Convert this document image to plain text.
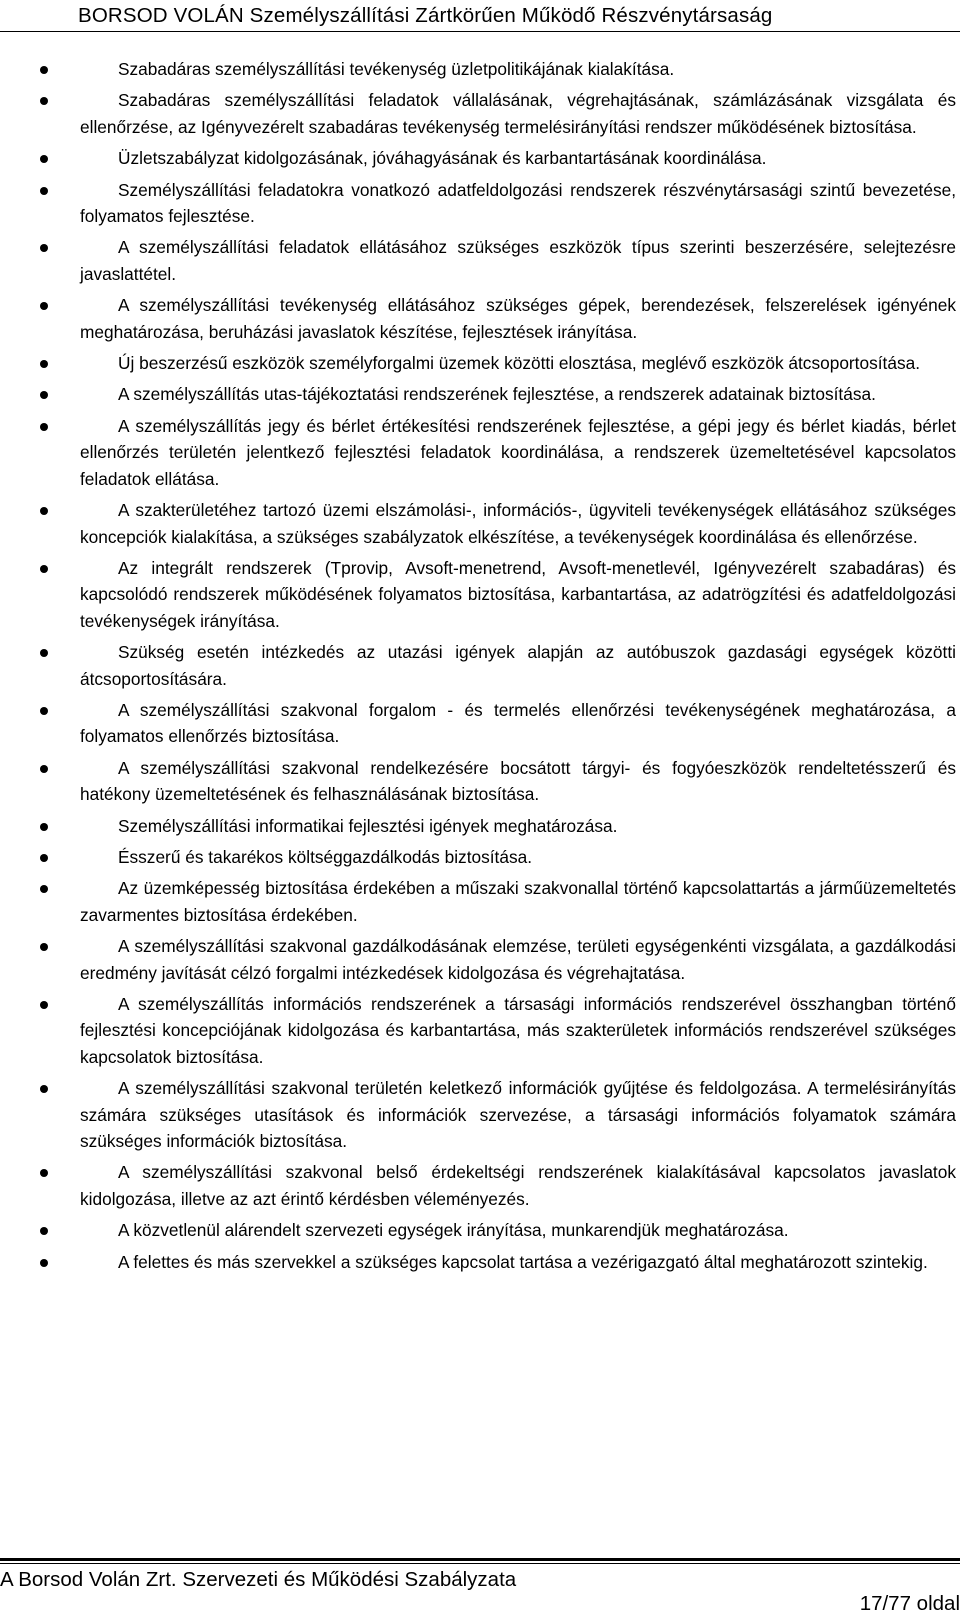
BORSOD VOLÁN Személyszállítási Zártkörűen Működő Részvénytársaság
Szabadáras személyszállítási tevékenység üzletpolitikájának kialakítása.
Szabadáras személyszállítási feladatok vállalásának, végrehajtásának, számlázásának vizsgálata és ellenőrzése, az Igényvezérelt szabadáras tevékenység termelésirányítási rendszer működésének biztosítása.
Üzletszabályzat kidolgozásának, jóváhagyásának és karbantartásának koordinálása.
Személyszállítási feladatokra vonatkozó adatfeldolgozási rendszerek részvénytársasági szintű bevezetése, folyamatos fejlesztése.
A személyszállítási feladatok ellátásához szükséges eszközök típus szerinti beszerzésére, selejtezésre javaslattétel.
A személyszállítási tevékenység ellátásához szükséges gépek, berendezések, felszerelések igényének meghatározása, beruházási javaslatok készítése, fejlesztések irányítása.
Új beszerzésű eszközök személyforgalmi üzemek közötti elosztása, meglévő eszközök átcsoportosítása.
A személyszállítás utas-tájékoztatási rendszerének fejlesztése, a rendszerek adatainak biztosítása.
A személyszállítás jegy és bérlet értékesítési rendszerének fejlesztése, a gépi jegy és bérlet kiadás, bérlet ellenőrzés területén jelentkező fejlesztési feladatok koordinálása, a rendszerek üzemeltetésével kapcsolatos feladatok ellátása.
A szakterületéhez tartozó üzemi elszámolási-, információs-, ügyviteli tevékenységek ellátásához szükséges koncepciók kialakítása, a szükséges szabályzatok elkészítése, a tevékenységek koordinálása és ellenőrzése.
Az integrált rendszerek (Tprovip, Avsoft-menetrend, Avsoft-menetlevél, Igényvezérelt szabadáras) és kapcsolódó rendszerek működésének folyamatos biztosítása, karbantartása, az adatrögzítési és adatfeldolgozási tevékenységek irányítása.
Szükség esetén intézkedés az utazási igények alapján az autóbuszok gazdasági egységek közötti átcsoportosítására.
A személyszállítási szakvonal forgalom - és termelés ellenőrzési tevékenységének meghatározása, a folyamatos ellenőrzés biztosítása.
A személyszállítási szakvonal rendelkezésére bocsátott tárgyi- és fogyóeszközök rendeltetésszerű és hatékony üzemeltetésének és felhasználásának biztosítása.
Személyszállítási informatikai fejlesztési igények meghatározása.
Ésszerű és takarékos költséggazdálkodás biztosítása.
Az üzemképesség biztosítása érdekében a műszaki szakvonallal történő kapcsolattartás a járműüzemeltetés zavarmentes biztosítása érdekében.
A személyszállítási szakvonal gazdálkodásának elemzése, területi egységenkénti vizsgálata, a gazdálkodási eredmény javítását célzó forgalmi intézkedések kidolgozása és végrehajtatása.
A személyszállítás információs rendszerének a társasági információs rendszerével összhangban történő fejlesztési koncepciójának kidolgozása és karbantartása, más szakterületek információs rendszerével szükséges kapcsolatok biztosítása.
A személyszállítási szakvonal területén keletkező információk gyűjtése és feldolgozása. A termelésirányítás számára szükséges utasítások és információk szervezése, a társasági információs folyamatok számára szükséges információk biztosítása.
A személyszállítási szakvonal belső érdekeltségi rendszerének kialakításával kapcsolatos javaslatok kidolgozása, illetve az azt érintő kérdésben véleményezés.
A közvetlenül alárendelt szervezeti egységek irányítása, munkarendjük meghatározása.
A felettes és más szervekkel a szükséges kapcsolat tartása a vezérigazgató által meghatározott szintekig.
A Borsod Volán Zrt. Szervezeti és Működési Szabályzata
17/77 oldal
